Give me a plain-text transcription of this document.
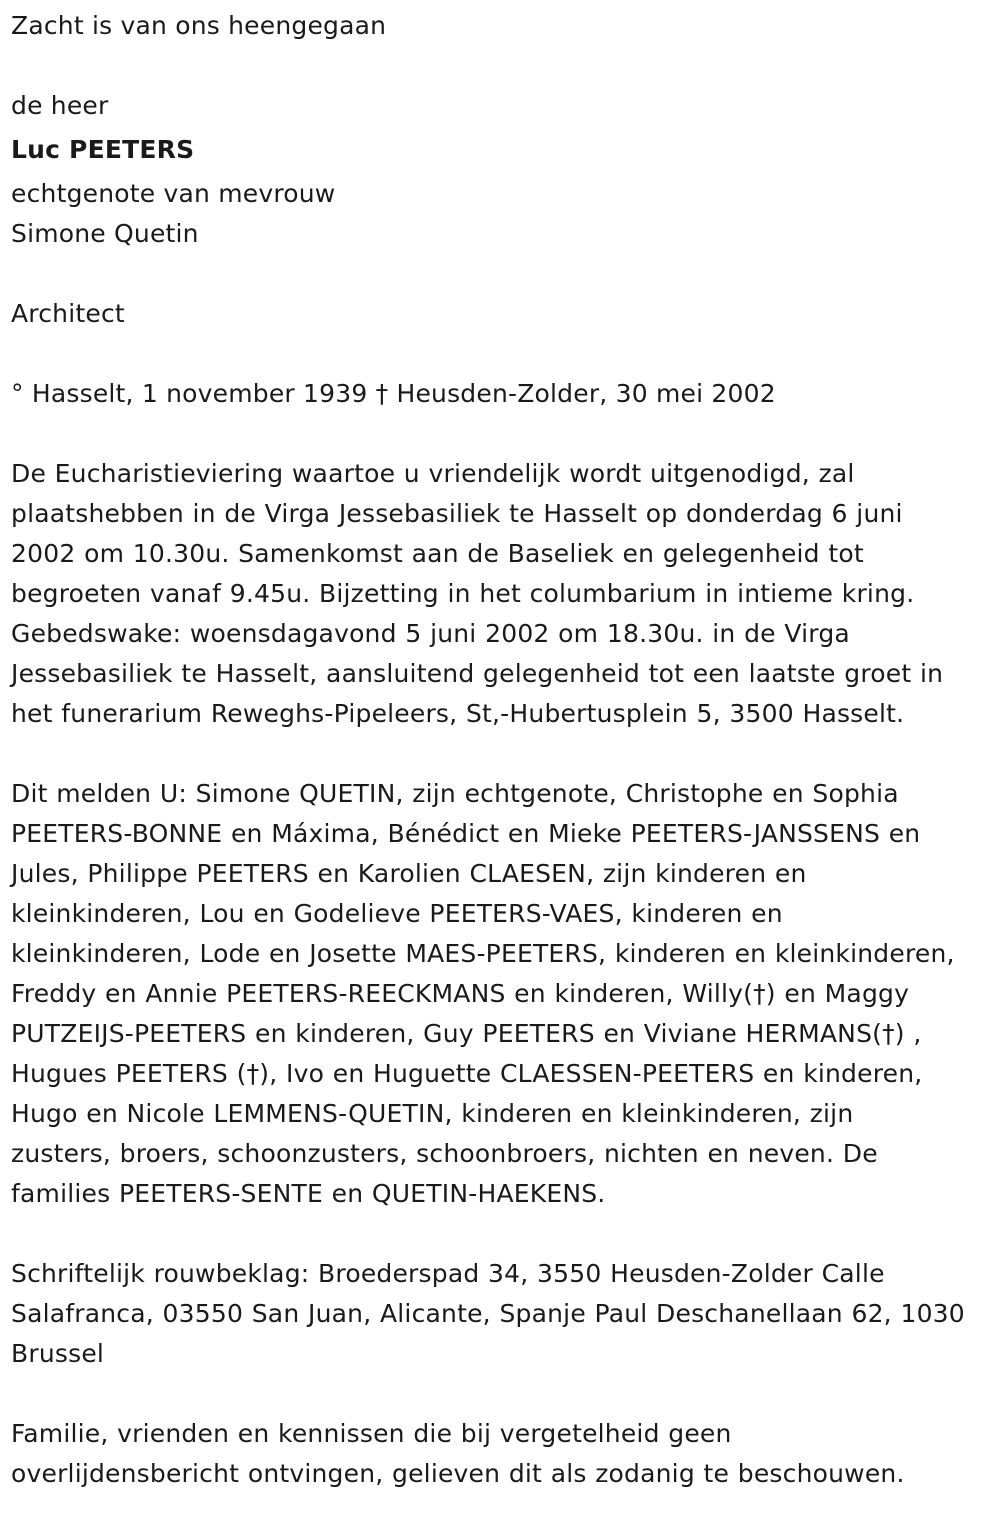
Zacht is van ons heengegaan
de heer
Luc PEETERS
echtgenote van mevrouw
Simone Quetin
Architect
° Hasselt, 1 november 1939 † Heusden-Zolder, 30 mei 2002
De Eucharistieviering waartoe u vriendelijk wordt uitgenodigd, zal
plaatshebben in de Virga Jessebasiliek te Hasselt op donderdag 6 juni
2002 om 10.30u. Samenkomst aan de Baseliek en gelegenheid tot
begroeten vanaf 9.45u. Bijzetting in het columbarium in intieme kring.
Gebedswake: woensdagavond 5 juni 2002 om 18.30u. in de Virga
Jessebasiliek te Hasselt, aansluitend gelegenheid tot een laatste groet in
het funerarium Reweghs-Pipeleers, St,-Hubertusplein 5, 3500 Hasselt.
Dit melden U: Simone QUETIN, zijn echtgenote, Christophe en Sophia
PEETERS-BONNE en Máxima, Bénédict en Mieke PEETERS-JANSSENS en
Jules, Philippe PEETERS en Karolien CLAESEN, zijn kinderen en
kleinkinderen, Lou en Godelieve PEETERS-VAES, kinderen en
kleinkinderen, Lode en Josette MAES-PEETERS, kinderen en kleinkinderen,
Freddy en Annie PEETERS-REECKMANS en kinderen, Willy(†) en Maggy
PUTZEIJS-PEETERS en kinderen, Guy PEETERS en Viviane HERMANS(†) ,
Hugues PEETERS (†), Ivo en Huguette CLAESSEN-PEETERS en kinderen,
Hugo en Nicole LEMMENS-QUETIN, kinderen en kleinkinderen, zijn
zusters, broers, schoonzusters, schoonbroers, nichten en neven. De
families PEETERS-SENTE en QUETIN-HAEKENS.
Schriftelijk rouwbeklag: Broederspad 34, 3550 Heusden-Zolder Calle
Salafranca, 03550 San Juan, Alicante, Spanje Paul Deschanellaan 62, 1030
Brussel
Familie, vrienden en kennissen die bij vergetelheid geen
overlijdensbericht ontvingen, gelieven dit als zodanig te beschouwen.
